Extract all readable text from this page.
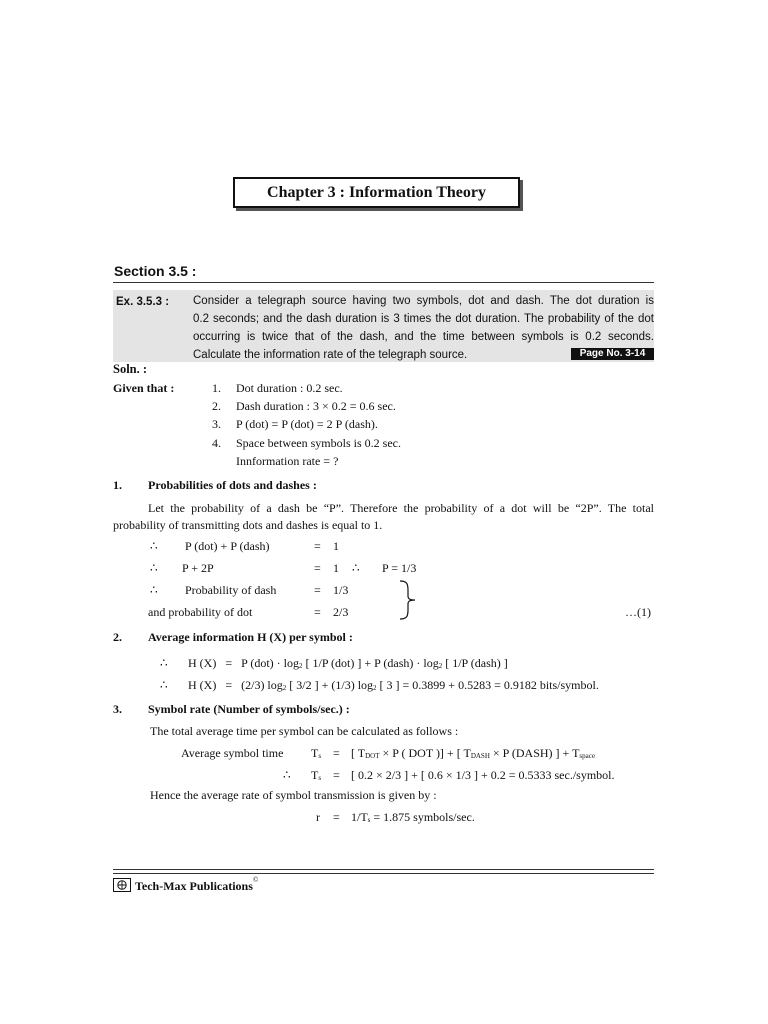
Chapter 3 : Information Theory
Section 3.5 :
Ex. 3.5.3 : Consider a telegraph source having two symbols, dot and dash. The dot duration is
0.2 seconds; and the dash duration is 3 times the dot duration. The probability of the dot
occurring is twice that of the dash, and the time between symbols is 0.2 seconds.
Calculate the information rate of the telegraph source.	Page No. 3-14
Soln. :
Given that :	1. Dot duration : 0.2 sec.
2. Dash duration : 3 × 0.2 = 0.6 sec.
3. P (dot) = P (dot) = 2 P (dash).
4. Space between symbols is 0.2 sec.
Innformation rate = ?
1. Probabilities of dots and dashes :
Let the probability of a dash be “P”. Therefore the probability of a dot will be “2P”. The total
probability of transmitting dots and dashes is equal to 1.
∴ P (dot) + P (dash)	= 1
∴ P + 2P	= 1 ∴ P = 1/3
∴ Probability of dash	= 1/3
and probability of dot	= 2/3	…(1)
2. Average information H (X) per symbol :
∴ H (X) = P $(dot) \cdot \log_2$ [ 1/P (dot) ] + P (dash) · $\log_2$ [ 1/P (dash) ]
∴ H (X) = (2/3) $\log_2$ [ 3/2 ] + (1/3) $\log_2$ [ 3 ] = 0.3899 + 0.5283 = 0.9182 bits/symbol.
3. Symbol rate (Number of symbols/sec.) :
The total average time per symbol can be calculated as follows :
Average symbol time $T_s$ = [ $T_{DOT} \times P$ ( DOT )] + [ $T_{DASH} \times P$ (DASH) ] + $T_{space}$
∴ $T_s$ = [ 0.2 × 2/3 ] + [ 0.6 × 1/3 ] + 0.2 = 0.5333 sec./symbol.
Hence the average rate of symbol transmission is given by :
$r = 1/T_s = 1.875$ symbols/sec.
Tech-Max Publications ©
